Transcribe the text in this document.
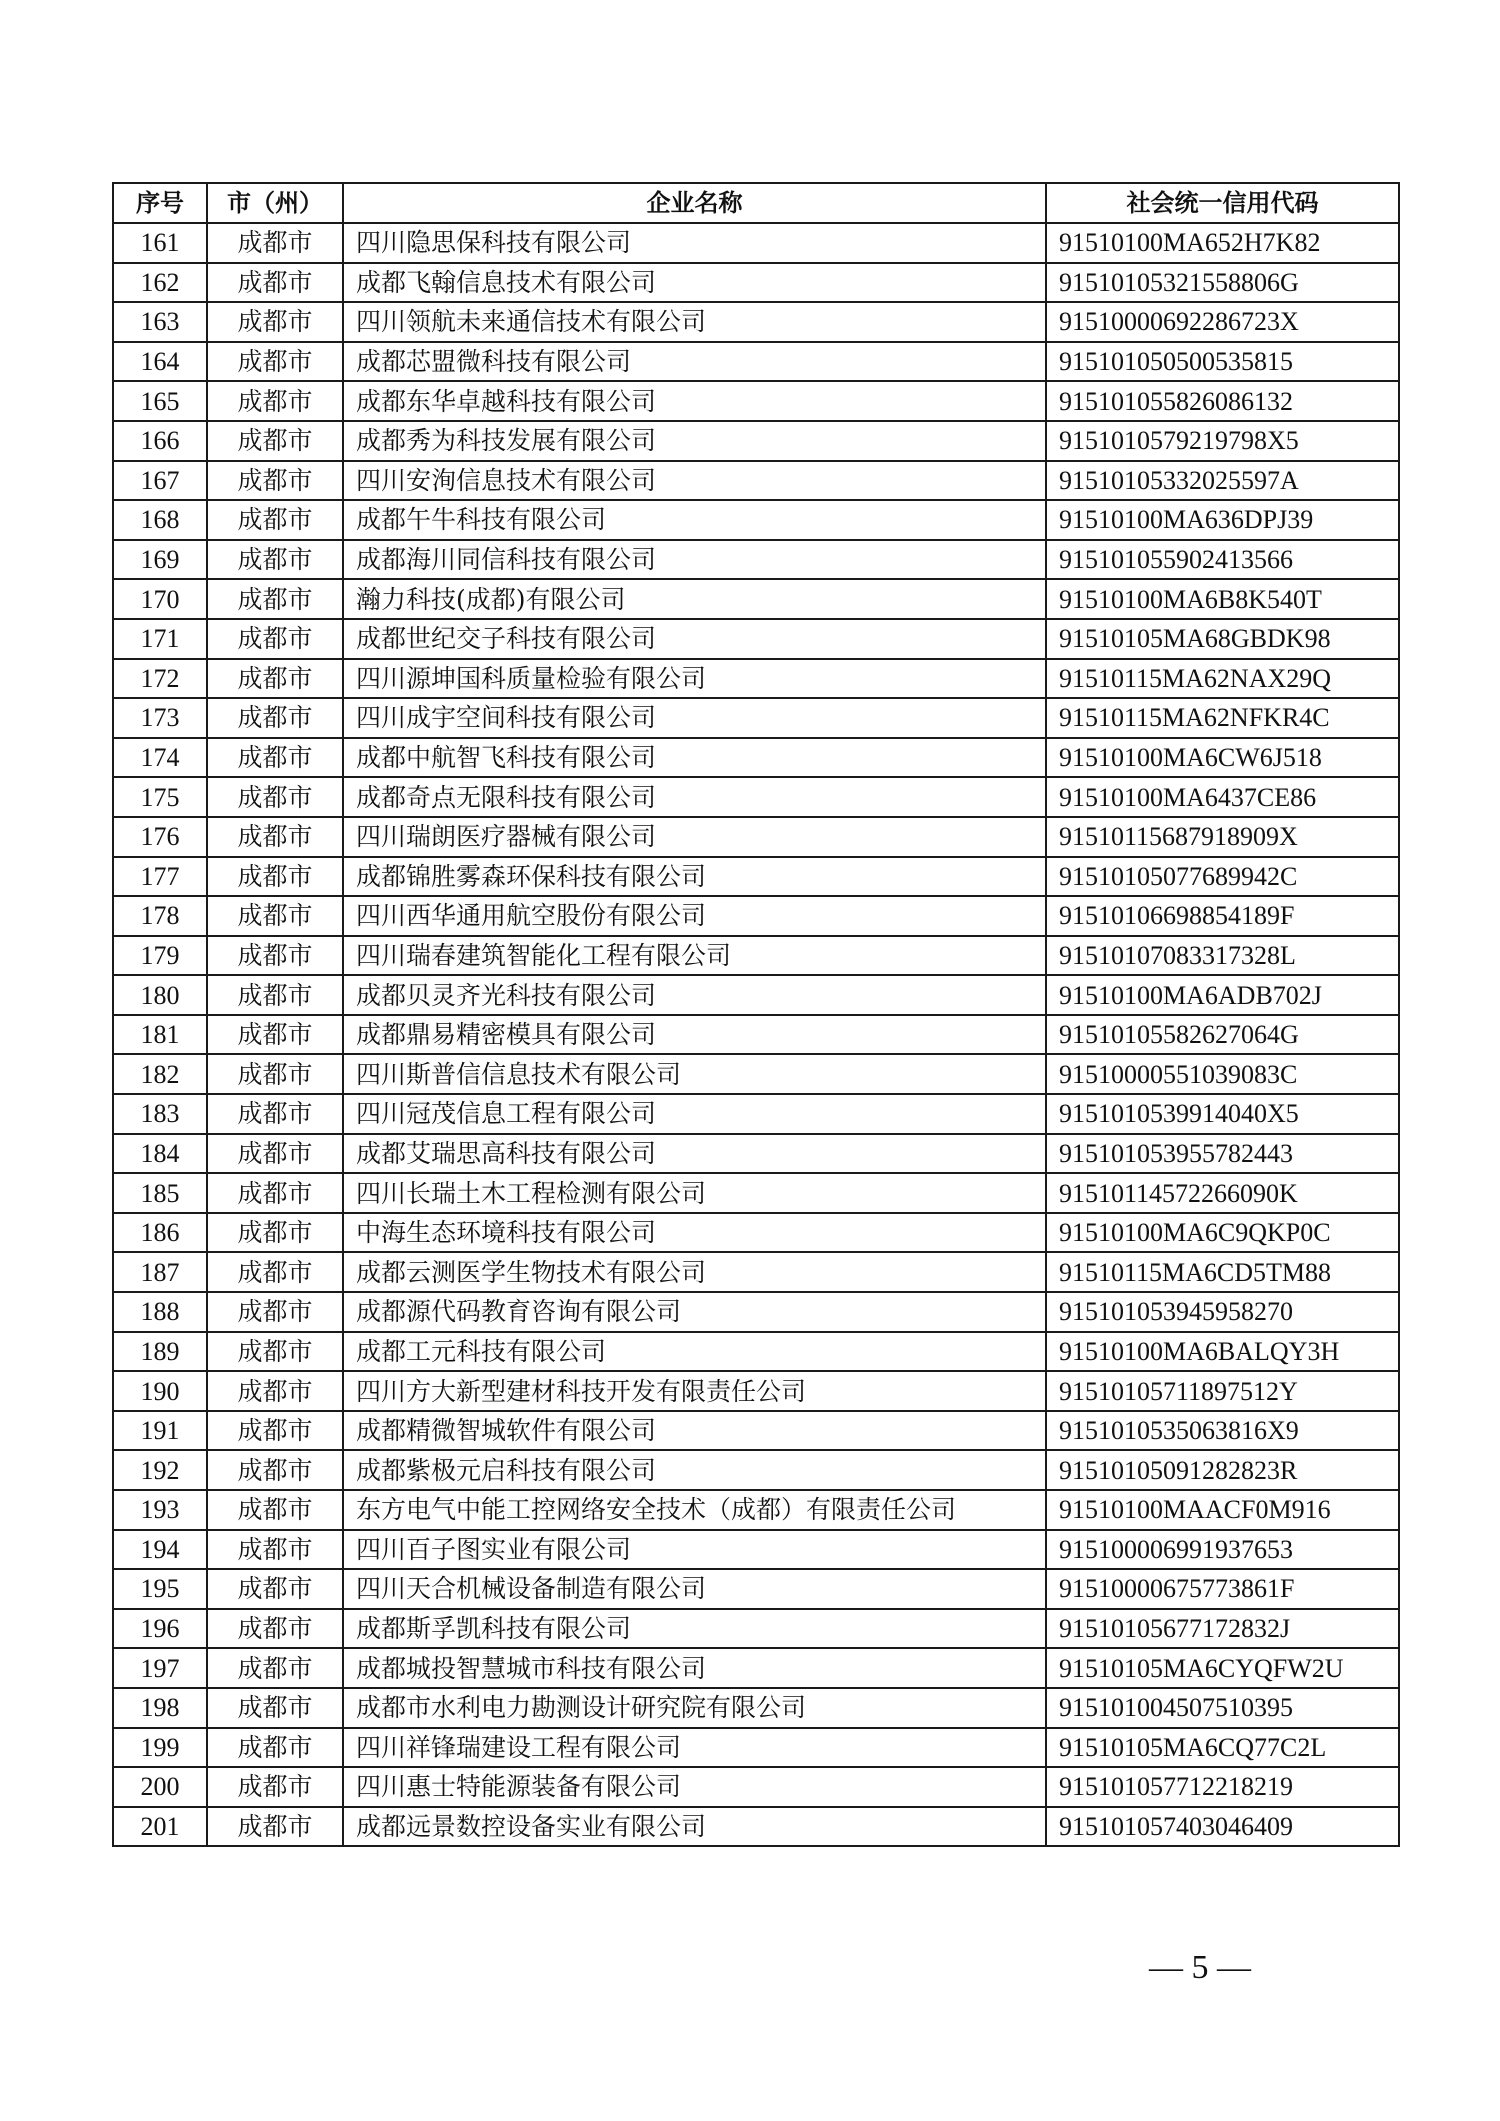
序号	市（州）	企业名称	社会统一信用代码
161	成都市	四川隐思保科技有限公司	91510100MA652H7K82
162	成都市	成都飞翰信息技术有限公司	91510105321558806G
163	成都市	四川领航未来通信技术有限公司	91510000692286723X
164	成都市	成都芯盟微科技有限公司	915101050500535815
165	成都市	成都东华卓越科技有限公司	915101055826086132
166	成都市	成都秀为科技发展有限公司	9151010579219798X5
167	成都市	四川安洵信息技术有限公司	91510105332025597A
168	成都市	成都午牛科技有限公司	91510100MA636DPJ39
169	成都市	成都海川同信科技有限公司	915101055902413566
170	成都市	瀚力科技(成都)有限公司	91510100MA6B8K540T
171	成都市	成都世纪交子科技有限公司	91510105MA68GBDK98
172	成都市	四川源坤国科质量检验有限公司	91510115MA62NAX29Q
173	成都市	四川成宇空间科技有限公司	91510115MA62NFKR4C
174	成都市	成都中航智飞科技有限公司	91510100MA6CW6J518
175	成都市	成都奇点无限科技有限公司	91510100MA6437CE86
176	成都市	四川瑞朗医疗器械有限公司	9151011568791890​9X
177	成都市	成都锦胜雾森环保科技有限公司	91510105077689942C
178	成都市	四川西华通用航空股份有限公司	91510106698854189F
179	成都市	四川瑞春建筑智能化工程有限公司	91510107083317328L
180	成都市	成都贝灵齐光科技有限公司	91510100MA6ADB702J
181	成都市	成都鼎易精密模具有限公司	91510105582627064G
182	成都市	四川斯普信信息技术有限公司	91510000551039083C
183	成都市	四川冠茂信息工程有限公司	9151010539914040X5
184	成都市	成都艾瑞思高科技有限公司	915101053955782443
185	成都市	四川长瑞土木工程检测有限公司	91510114572266090K
186	成都市	中海生态环境科技有限公司	91510100MA6C9QKP0C
187	成都市	成都云测医学生物技术有限公司	91510115MA6CD5TM88
188	成都市	成都源代码教育咨询有限公司	915101053945958270
189	成都市	成都工元科技有限公司	91510100MA6BALQY3H
190	成都市	四川方大新型建材科技开发有限责任公司	91510105711897512Y
191	成都市	成都精微智城软件有限公司	9151010535063816X9
192	成都市	成都紫极元启科技有限公司	91510105091282823R
193	成都市	东方电气中能工控网络安全技术（成都）有限责任公司	91510100MAACF0M916
194	成都市	四川百子图实业有限公司	915100006991937653
195	成都市	四川天合机械设备制造有限公司	91510000675773861F
196	成都市	成都斯孚凯科技有限公司	91510105677172832J
197	成都市	成都城投智慧城市科技有限公司	91510105MA6CYQFW2U
198	成都市	成都市水利电力勘测设计研究院有限公司	915101004507510395
199	成都市	四川祥锋瑞建设工程有限公司	91510105MA6CQ77C2L
200	成都市	四川惠士特能源装备有限公司	915101057712218219
201	成都市	成都远景数控设备实业有限公司	915101057403046409
— 5 —
